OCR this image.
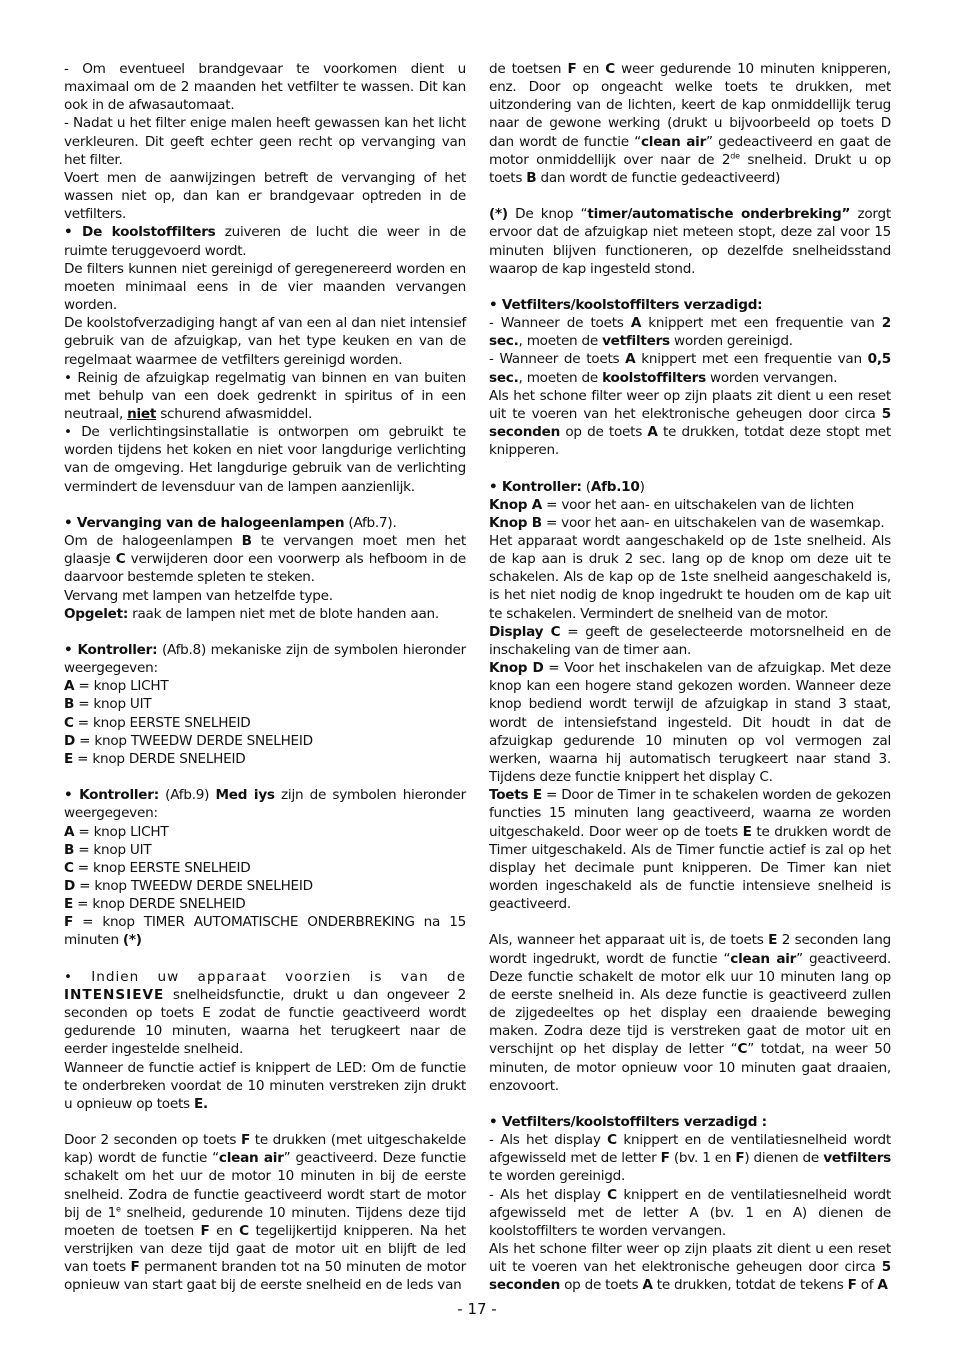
- Om eventueel brandgevaar te voorkomen dient u maximaal om de 2 maanden het vetfilter te wassen. Dit kan ook in de afwasautomaat.

- Nadat u het filter enige malen heeft gewassen kan het licht verkleuren. Dit geeft echter geen recht op vervanging van het filter.

Voert men de aanwijzingen betreft de vervanging of het wassen niet op, dan kan er brandgevaar optreden in de vetfilters.

• De koolstoffilters zuiveren de lucht die weer in de ruimte teruggevoerd wordt.

De filters kunnen niet gereinigd of geregenereerd worden en moeten minimaal eens in de vier maanden vervangen worden.

De koolstofverzadiging hangt af van een al dan niet intensief gebruik van de afzuigkap, van het type keuken en van de regelmaat waarmee de vetfilters gereinigd worden.

• Reinig de afzuigkap regelmatig van binnen en van buiten met behulp van een doek gedrenkt in spiritus of in een neutraal, niet schurend afwasmiddel.

• De verlichtingsinstallatie is ontworpen om gebruikt te worden tijdens het koken en niet voor langdurige verlichting van de omgeving. Het langdurige gebruik van de verlichting vermindert de levensduur van de lampen aanzienlijk.

• Vervanging van de halogeenlampen (Afb.7).

Om de halogeenlampen B te vervangen moet men het glaasje C verwijderen door een voorwerp als hefboom in de daarvoor bestemde spleten te steken.

Vervang met lampen van hetzelfde type.

Opgelet: raak de lampen niet met de blote handen aan.

• Kontroller: (Afb.8) mekaniske zijn de symbolen hieronder weergegeven:

A = knop LICHT

B = knop UIT

C = knop EERSTE SNELHEID

D = knop TWEEDW DERDE SNELHEID

E = knop DERDE SNELHEID

• Kontroller: (Afb.9) Med iys zijn de symbolen hieronder weergegeven:

A = knop LICHT

B = knop UIT

C = knop EERSTE SNELHEID

D = knop TWEEDW DERDE SNELHEID

E = knop DERDE SNELHEID

F = knop TIMER AUTOMATISCHE ONDERBREKING na 15 minuten (*)

• Indien uw apparaat voorzien is van de INTENSIEVE snelheidsfunctie, drukt u dan ongeveer 2 seconden op toets E zodat de functie geactiveerd wordt gedurende 10 minuten, waarna het terugkeert naar de eerder ingestelde snelheid.

Wanneer de functie actief is knippert de LED: Om de functie te onderbreken voordat de 10 minuten verstreken zijn drukt u opnieuw op toets E.

Door 2 seconden op toets F te drukken (met uitgeschakelde kap) wordt de functie “clean air” geactiveerd. Deze functie schakelt om het uur de motor 10 minuten in bij de eerste snelheid. Zodra de functie geactiveerd wordt start de motor bij de 1e snelheid, gedurende 10 minuten. Tijdens deze tijd moeten de toetsen F en C tegelijkertijd knipperen. Na het verstrijken van deze tijd gaat de motor uit en blijft de led van toets F permanent branden tot na 50 minuten de motor opnieuw van start gaat bij de eerste snelheid en de leds van

de toetsen F en C weer gedurende 10 minuten knipperen, enz. Door op ongeacht welke toets te drukken, met uitzondering van de lichten, keert de kap onmiddellijk terug naar de gewone werking (drukt u bijvoorbeeld op toets D dan wordt de functie “clean air” gedeactiveerd en gaat de motor onmiddellijk over naar de 2de snelheid. Drukt u op toets B dan wordt de functie gedeactiveerd)

(*) De knop “timer/automatische onderbreking” zorgt ervoor dat de afzuigkap niet meteen stopt, deze zal voor 15 minuten blijven functioneren, op dezelfde snelheidsstand waarop de kap ingesteld stond.

• Vetfilters/koolstoffilters verzadigd:

- Wanneer de toets A knippert met een frequentie van 2 sec., moeten de vetfilters worden gereinigd.

- Wanneer de toets A knippert met een frequentie van 0,5 sec., moeten de koolstoffilters worden vervangen.

Als het schone filter weer op zijn plaats zit dient u een reset uit te voeren van het elektronische geheugen door circa 5 seconden op de toets A te drukken, totdat deze stopt met knipperen.

• Kontroller: (Afb.10)

Knop A = voor het aan- en uitschakelen van de lichten

Knop B = voor het aan- en uitschakelen van de wasemkap.

Het apparaat wordt aangeschakeld op de 1ste snelheid. Als de kap aan is druk 2 sec. lang op de knop om deze uit te schakelen. Als de kap op de 1ste snelheid aangeschakeld is, is het niet nodig de knop ingedrukt te houden om de kap uit te schakelen. Vermindert de snelheid van de motor.

Display C = geeft de geselecteerde motorsnelheid en de inschakeling van de timer aan.

Knop D = Voor het inschakelen van de afzuigkap. Met deze knop kan een hogere stand gekozen worden. Wanneer deze knop bediend wordt terwijl de afzuigkap in stand 3 staat, wordt de intensiefstand ingesteld. Dit houdt in dat de afzuigkap gedurende 10 minuten op vol vermogen zal werken, waarna hij automatisch terugkeert naar stand 3. Tijdens deze functie knippert het display C.

Toets E = Door de Timer in te schakelen worden de gekozen functies 15 minuten lang geactiveerd, waarna ze worden uitgeschakeld. Door weer op de toets E te drukken wordt de Timer uitgeschakeld. Als de Timer functie actief is zal op het display het decimale punt knipperen. De Timer kan niet worden ingeschakeld als de functie intensieve snelheid is geactiveerd.

Als, wanneer het apparaat uit is, de toets E 2 seconden lang wordt ingedrukt, wordt de functie “clean air” geactiveerd. Deze functie schakelt de motor elk uur 10 minuten lang op de eerste snelheid in. Als deze functie is geactiveerd zullen de zijgedeeltes op het display een draaiende beweging maken. Zodra deze tijd is verstreken gaat de motor uit en verschijnt op het display de letter “C” totdat, na weer 50 minuten, de motor opnieuw voor 10 minuten gaat draaien, enzovoort.

• Vetfilters/koolstoffilters verzadigd :

- Als het display C knippert en de ventilatiesnelheid wordt afgewisseld met de letter F (bv. 1 en F) dienen de vetfilters te worden gereinigd.

- Als het display C knippert en de ventilatiesnelheid wordt afgewisseld met de letter A (bv. 1 en A) dienen de koolstoffilters te worden vervangen.

Als het schone filter weer op zijn plaats zit dient u een reset uit te voeren van het elektronische geheugen door circa 5 seconden op de toets A te drukken, totdat de tekens F of A

- 17 -
